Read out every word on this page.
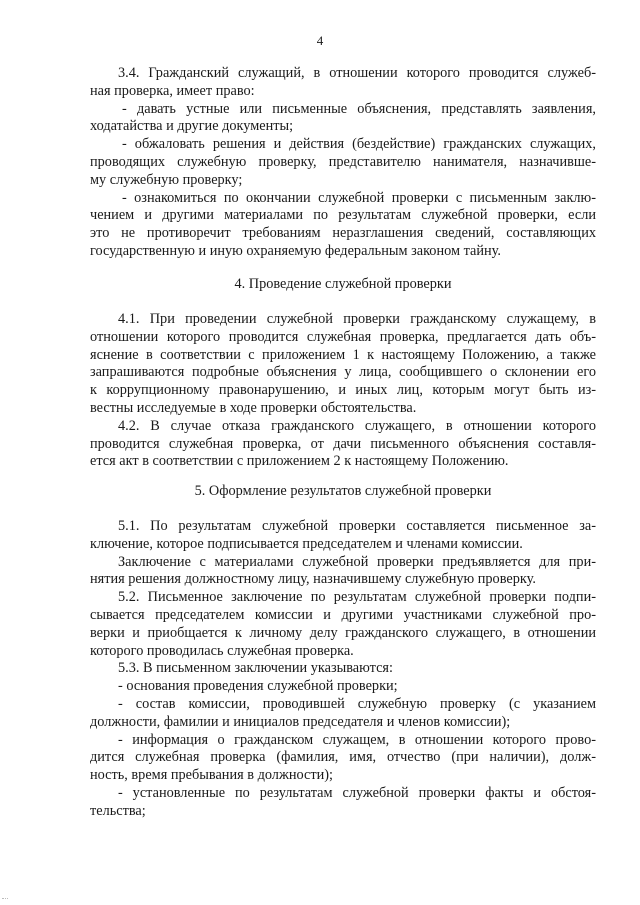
4
3.4. Гражданский служащий, в отношении которого проводится служеб-
ная проверка, имеет право:
- давать устные или письменные объяснения, представлять заявления,
ходатайства и другие документы;
- обжаловать решения и действия (бездействие) гражданских служащих,
проводящих служебную проверку, представителю нанимателя, назначившe-
му служебную проверку;
- ознакомиться по окончании служебной проверки с письменным заклю-
чением и другими материалами по результатам служебной проверки, если
это не противоречит требованиям неразглашения сведений, составляющих
государственную и иную охраняемую федеральным законом тайну.
4. Проведение служебной проверки
4.1. При проведении служебной проверки гражданскому служащему, в
отношении которого проводится служебная проверка, предлагается дать объ-
яснение в соответствии с приложением 1 к настоящему Положению, а также
запрашиваются подробные объяснения у лица, сообщившего о склонении его
к коррупционному правонарушению, и иных лиц, которым могут быть из-
вестны исследуемые в ходе проверки обстоятельства.
4.2. В случае отказа гражданского служащего, в отношении которого
проводится служебная проверка, от дачи письменного объяснения составля-
ется акт в соответствии с приложением 2 к настоящему Положению.
5. Оформление результатов служебной проверки
5.1. По результатам служебной проверки составляется письменное за-
ключение, которое подписывается председателем и членами комиссии.
Заключение с материалами служебной проверки предъявляется для при-
нятия решения должностному лицу, назначившему служебную проверку.
5.2. Письменное заключение по результатам служебной проверки подпи-
сывается председателем комиссии и другими участниками служебной про-
верки и приобщается к личному делу гражданского служащего, в отношении
которого проводилась служебная проверка.
5.3. В письменном заключении указываются:
- основания проведения служебной проверки;
- состав комиссии, проводившей служебную проверку (с указанием
должности, фамилии и инициалов председателя и членов комиссии);
- информация о гражданском служащем, в отношении которого прово-
дится служебная проверка (фамилия, имя, отчество (при наличии), долж-
ность, время пребывания в должности);
- установленные по результатам служебной проверки факты и обстоя-
тельства;
